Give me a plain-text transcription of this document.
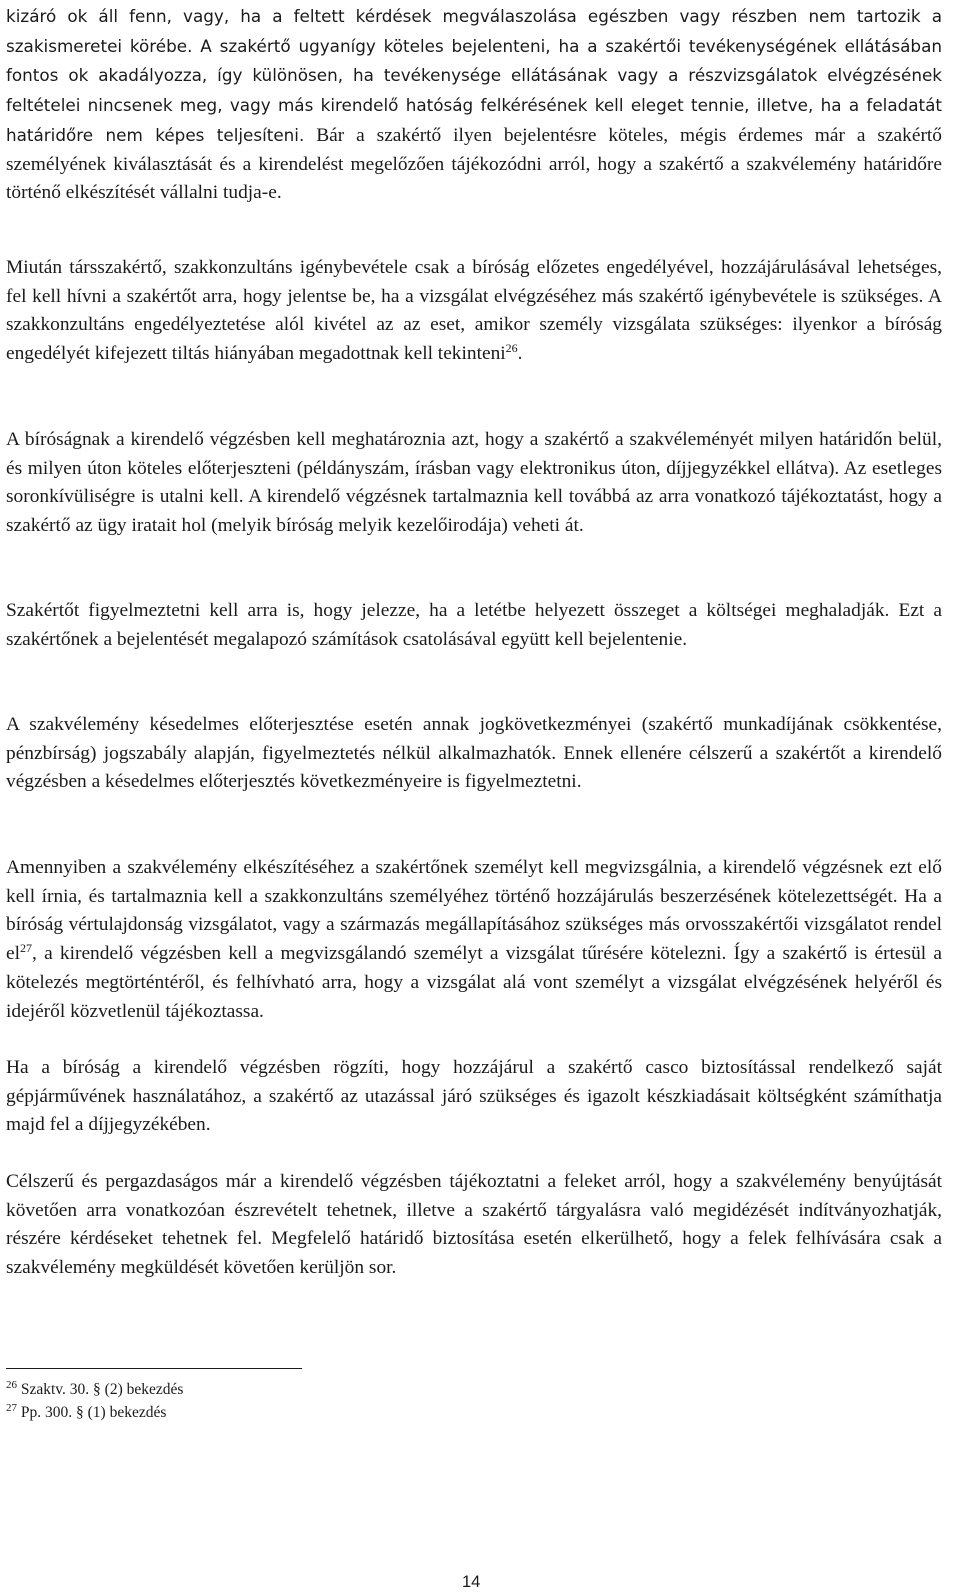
kizáró ok áll fenn, vagy, ha a feltett kérdések megválaszolása egészben vagy részben nem tartozik a szakismeretei körébe. A szakértő ugyanígy köteles bejelenteni, ha a szakértői tevékenységének ellátásában fontos ok akadályozza, így különösen, ha tevékenysége ellátásának vagy a részvizsgálatok elvégzésének feltételei nincsenek meg, vagy más kirendelő hatóság felkérésének kell eleget tennie, illetve, ha a feladatát határidőre nem képes teljesíteni. Bár a szakértő ilyen bejelentésre köteles, mégis érdemes már a szakértő személyének kiválasztását és a kirendelést megelőzően tájékozódni arról, hogy a szakértő a szakvélemény határidőre történő elkészítését vállalni tudja-e.

Miután társszakértő, szakkonzultáns igénybevétele csak a bíróság előzetes engedélyével, hozzájárulásával lehetséges, fel kell hívni a szakértőt arra, hogy jelentse be, ha a vizsgálat elvégzéséhez más szakértő igénybevétele is szükséges. A szakkonzultáns engedélyeztetése alól kivétel az az eset, amikor személy vizsgálata szükséges: ilyenkor a bíróság engedélyét kifejezett tiltás hiányában megadottnak kell tekinteni$^{26}$.

A bíróságnak a kirendelő végzésben kell meghatároznia azt, hogy a szakértő a szakvéleményét milyen határidőn belül, és milyen úton köteles előterjeszteni (példányszám, írásban vagy elektronikus úton, díjjegyzékkel ellátva). Az esetleges soronkívüliségre is utalni kell. A kirendelő végzésnek tartalmaznia kell továbbá az arra vonatkozó tájékoztatást, hogy a szakértő az ügy iratait hol (melyik bíróság melyik kezelőirodája) veheti át.

Szakértőt figyelmeztetni kell arra is, hogy jelezze, ha a letétbe helyezett összeget a költségei meghaladják. Ezt a szakértőnek a bejelentését megalapozó számítások csatolásával együtt kell bejelentenie.

A szakvélemény késedelmes előterjesztése esetén annak jogkövetkezményei (szakértő munkadíjának csökkentése, pénzbírság) jogszabály alapján, figyelmeztetés nélkül alkalmazhatók. Ennek ellenére célszerű a szakértőt a kirendelő végzésben a késedelmes előterjesztés következményeire is figyelmeztetni.

Amennyiben a szakvélemény elkészítéséhez a szakértőnek személyt kell megvizsgálnia, a kirendelő végzésnek ezt elő kell írnia, és tartalmaznia kell a szakkonzultáns személyéhez történő hozzájárulás beszerzésének kötelezettségét. Ha a bíróság vértulajdonság vizsgálatot, vagy a származás megállapításához szükséges más orvosszakértői vizsgálatot rendel $el^{27}$, a kirendelő végzésben kell a megvizsgálandó személyt a vizsgálat tűrésére kötelezni. Így a szakértő is értesül a kötelezés megtörténtéről, és felhívható arra, hogy a vizsgálat alá vont személyt a vizsgálat elvégzésének helyéről és idejéről közvetlenül tájékoztassa.

Ha a bíróság a kirendelő végzésben rögzíti, hogy hozzájárul a szakértő casco biztosítással rendelkező saját gépjárművének használatához, a szakértő az utazással járó szükséges és igazolt készkiadásait költségként számíthatja majd fel a díjjegyzékében.

Célszerű és pergazdaságos már a kirendelő végzésben tájékoztatni a feleket arról, hogy a szakvélemény benyújtását követően arra vonatkozóan észrevételt tehetnek, illetve a szakértő tárgyalásra való megidézését indítványozhatják, részére kérdéseket tehetnek fel. Megfelelő határidő biztosítása esetén elkerülhető, hogy a felek felhívására csak a szakvélemény megküldését követően kerüljön sor.

$^{26}$ Szaktv. 30. § (2) bekezdés

$^{27}$ Pp. 300. § (1) bekezdés

14
